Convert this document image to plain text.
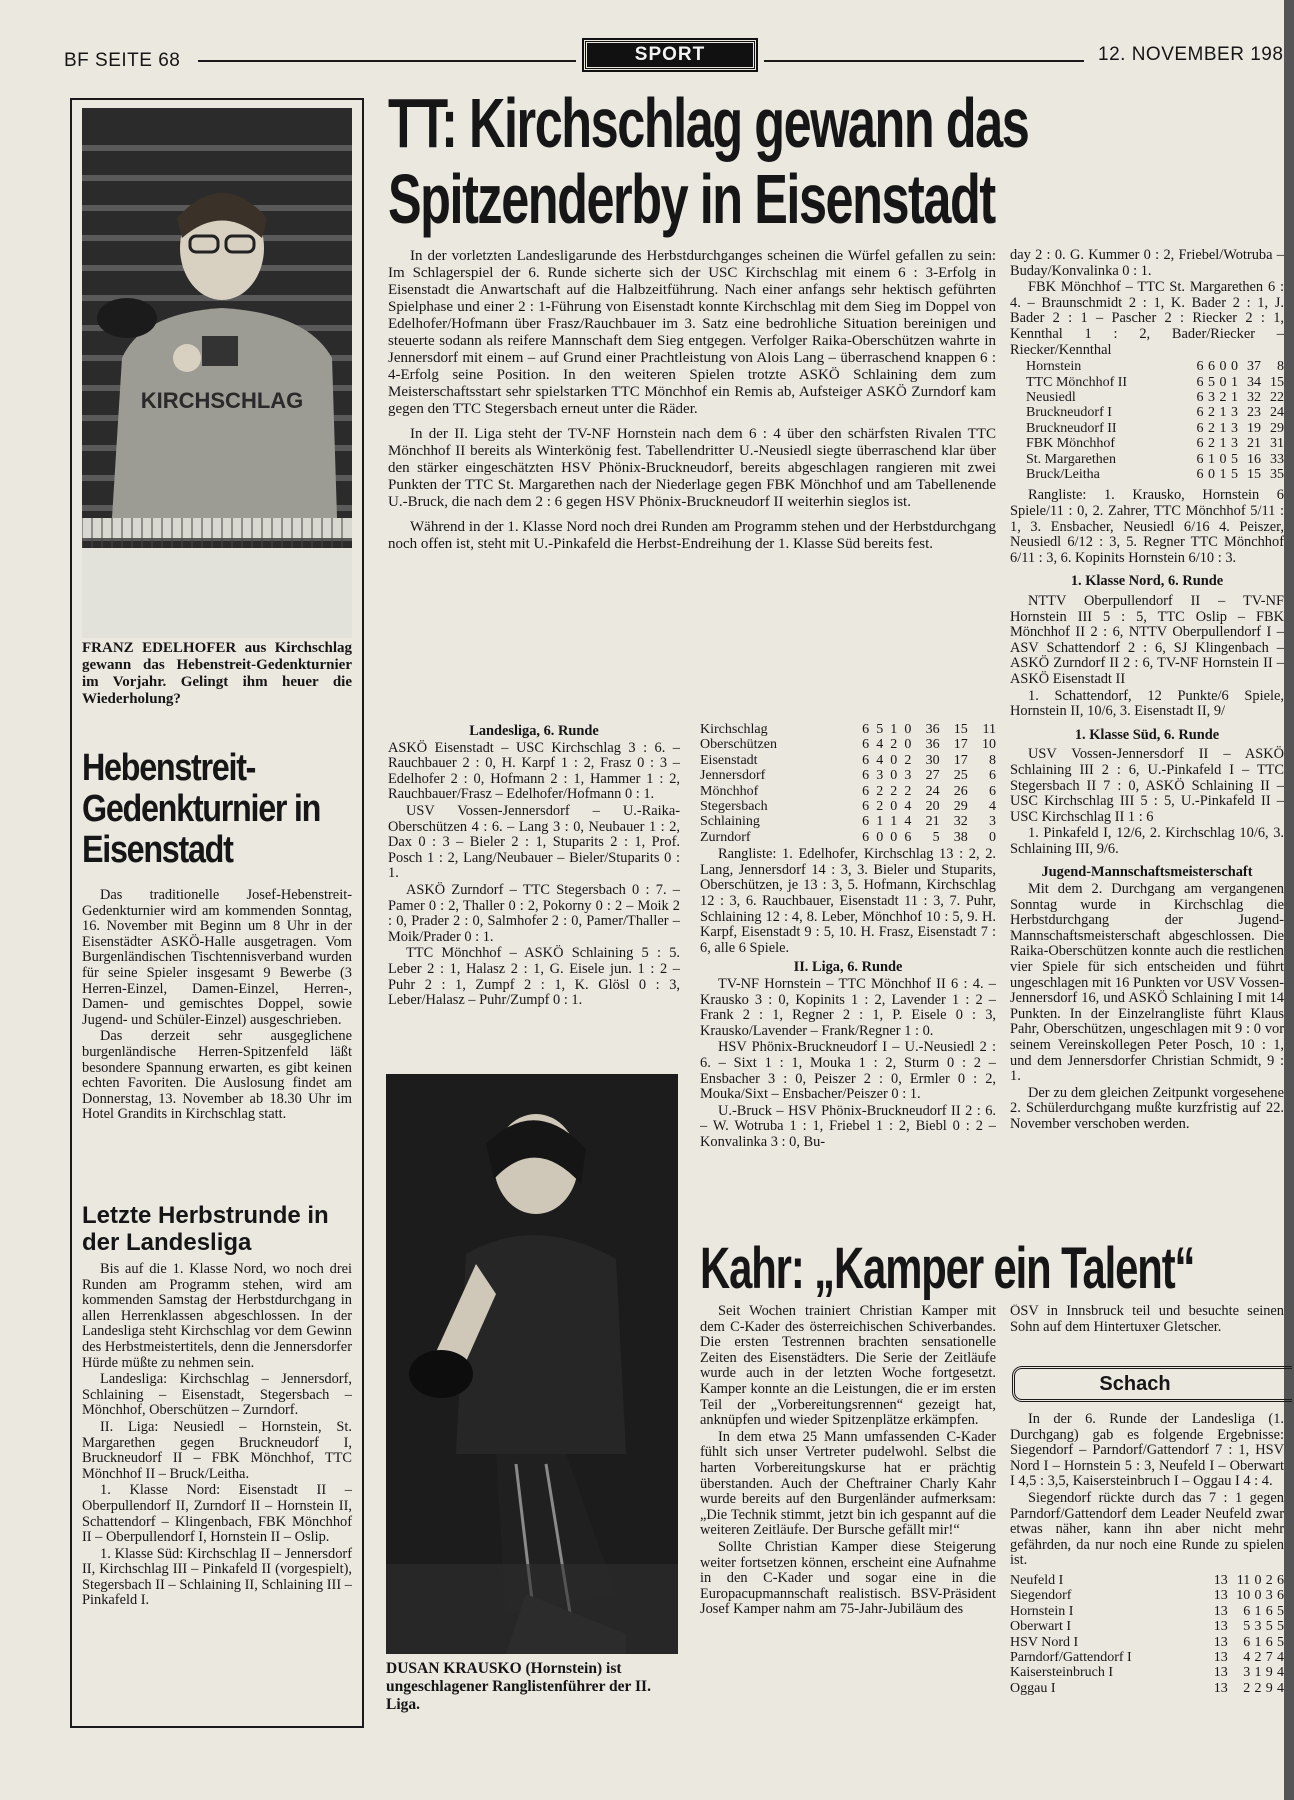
BF SEITE 68	SPORT	12. NOVEMBER 198
KIRCHSCHLAG
FRANZ EDELHOFER aus Kirchschlag gewann das Hebenstreit-Gedenkturnier im Vorjahr. Gelingt ihm heuer die Wiederholung?
Hebenstreit-Gedenkturnier in Eisenstadt

Das traditionelle Josef-Hebenstreit-Gedenkturnier wird am kommenden Sonntag, 16. November mit Beginn um 8 Uhr in der Eisenstädter ASKÖ-Halle ausgetragen. Vom Burgenländischen Tischtennisverband wurden für seine Spieler insgesamt 9 Bewerbe (3 Herren-Einzel, Damen-Einzel, Herren-, Damen- und gemischtes Doppel, sowie Jugend- und Schüler-Einzel) ausgeschrieben.

Das derzeit sehr ausgeglichene burgenländische Herren-Spitzenfeld läßt besondere Spannung erwarten, es gibt keinen echten Favoriten. Die Auslosung findet am Donnerstag, 13. November ab 18.30 Uhr im Hotel Grandits in Kirchschlag statt.

Letzte Herbstrunde in der Landesliga

Bis auf die 1. Klasse Nord, wo noch drei Runden am Programm stehen, wird am kommenden Samstag der Herbstdurchgang in allen Herrenklassen abgeschlossen. In der Landesliga steht Kirchschlag vor dem Gewinn des Herbstmeistertitels, denn die Jennersdorfer Hürde müßte zu nehmen sein.

Landesliga: Kirchschlag – Jennersdorf, Schlaining – Eisenstadt, Stegersbach – Mönchhof, Oberschützen – Zurndorf.

II. Liga: Neusiedl – Hornstein, St. Margarethen gegen Bruckneudorf I, Bruckneudorf II – FBK Mönchhof, TTC Mönchhof II – Bruck/Leitha.

1. Klasse Nord: Eisenstadt II – Oberpullendorf II, Zurndorf II – Hornstein II, Schattendorf – Klingenbach, FBK Mönchhof II – Oberpullendorf I, Hornstein II – Oslip.

1. Klasse Süd: Kirchschlag II – Jennersdorf II, Kirchschlag III – Pinkafeld II (vorgespielt), Stegersbach II – Schlaining II, Schlaining III – Pinkafeld I.

TT: Kirchschlag gewann das
Spitzenderby in Eisenstadt

In der vorletzten Landesligarunde des Herbstdurchganges scheinen die Würfel gefallen zu sein: Im Schlagerspiel der 6. Runde sicherte sich der USC Kirchschlag mit einem 6 : 3-Erfolg in Eisenstadt die Anwartschaft auf die Halbzeitführung. Nach einer anfangs sehr hektisch geführten Spielphase und einer 2 : 1-Führung von Eisenstadt konnte Kirchschlag mit dem Sieg im Doppel von Edelhofer/Hofmann über Frasz/Rauchbauer im 3. Satz eine bedrohliche Situation bereinigen und steuerte sodann als reifere Mannschaft dem Sieg entgegen. Verfolger Raika-Oberschützen wahrte in Jennersdorf mit einem – auf Grund einer Prachtleistung von Alois Lang – überraschend knappen 6 : 4-Erfolg seine Position. In den weiteren Spielen trotzte ASKÖ Schlaining dem zum Meisterschaftsstart sehr spielstarken TTC Mönchhof ein Remis ab, Aufsteiger ASKÖ Zurndorf kam gegen den TTC Stegersbach erneut unter die Räder.

In der II. Liga steht der TV-NF Hornstein nach dem 6 : 4 über den schärfsten Rivalen TTC Mönchhof II bereits als Winterkönig fest. Tabellendritter U.-Neusiedl siegte überraschend klar über den stärker eingeschätzten HSV Phönix-Bruckneudorf, bereits abgeschlagen rangieren mit zwei Punkten der TTC St. Margarethen nach der Niederlage gegen FBK Mönchhof und am Tabellenende U.-Bruck, die nach dem 2 : 6 gegen HSV Phönix-Bruckneudorf II weiterhin sieglos ist.

Während in der 1. Klasse Nord noch drei Runden am Programm stehen und der Herbstdurchgang noch offen ist, steht mit U.-Pinkafeld die Herbst-Endreihung der 1. Klasse Süd bereits fest.

Landesliga, 6. Runde

ASKÖ Eisenstadt – USC Kirchschlag 3 : 6. – Rauchbauer 2 : 0, H. Karpf 1 : 2, Frasz 0 : 3 – Edelhofer 2 : 0, Hofmann 2 : 1, Hammer 1 : 2, Rauchbauer/Frasz – Edelhofer/Hofmann 0 : 1.

USV Vossen-Jennersdorf – U.-Raika-Oberschützen 4 : 6. – Lang 3 : 0, Neubauer 1 : 2, Dax 0 : 3 – Bieler 2 : 1, Stuparits 2 : 1, Prof. Posch 1 : 2, Lang/Neubauer – Bieler/Stuparits 0 : 1.

ASKÖ Zurndorf – TTC Stegersbach 0 : 7. – Pamer 0 : 2, Thaller 0 : 2, Pokorny 0 : 2 – Moik 2 : 0, Prader 2 : 0, Salmhofer 2 : 0, Pamer/Thaller – Moik/Prader 0 : 1.

TTC Mönchhof – ASKÖ Schlaining 5 : 5. Leber 2 : 1, Halasz 2 : 1, G. Eisele jun. 1 : 2 – Puhr 2 : 1, Zumpf 2 : 1, K. Glösl 0 : 3, Leber/Halasz – Puhr/Zumpf 0 : 1.

Kirchschlag	6	5	1	0	36	15	11
Oberschützen	6	4	2	0	36	17	10
Eisenstadt	6	4	0	2	30	17	8
Jennersdorf	6	3	0	3	27	25	6
Mönchhof	6	2	2	2	24	26	6
Stegersbach	6	2	0	4	20	29	4
Schlaining	6	1	1	4	21	32	3
Zurndorf	6	0	0	6	5	38	0

Rangliste: 1. Edelhofer, Kirchschlag 13 : 2, 2. Lang, Jennersdorf 14 : 3, 3. Bieler und Stuparits, Oberschützen, je 13 : 3, 5. Hofmann, Kirchschlag 12 : 3, 6. Rauchbauer, Eisenstadt 11 : 3, 7. Puhr, Schlaining 12 : 4, 8. Leber, Mönchhof 10 : 5, 9. H. Karpf, Eisenstadt 9 : 5, 10. H. Frasz, Eisenstadt 7 : 6, alle 6 Spiele.

II. Liga, 6. Runde

TV-NF Hornstein – TTC Mönchhof II 6 : 4. – Krausko 3 : 0, Kopinits 1 : 2, Lavender 1 : 2 – Frank 2 : 1, Regner 2 : 1, P. Eisele 0 : 3, Krausko/Lavender – Frank/Regner 1 : 0.

HSV Phönix-Bruckneudorf I – U.-Neusiedl 2 : 6. – Sixt 1 : 1, Mouka 1 : 2, Sturm 0 : 2 – Ensbacher 3 : 0, Peiszer 2 : 0, Ermler 0 : 2, Mouka/Sixt – Ensbacher/Peiszer 0 : 1.

U.-Bruck – HSV Phönix-Bruckneudorf II 2 : 6. – W. Wotruba 1 : 1, Friebel 1 : 2, Biebl 0 : 2 – Konvalinka 3 : 0, Bu-

day 2 : 0. G. Kummer 0 : 2, Friebel/Wotruba – Buday/Konvalinka 0 : 1.

FBK Mönchhof – TTC St. Margarethen 6 : 4. – Braunschmidt 2 : 1, K. Bader 2 : 1, J. Bader 2 : 1 – Pascher 2 : Riecker 2 : 1, Kennthal 1 : 2, Bader/Riecker – Riecker/Kennthal

Hornstein	6	6	0	0	37	8
TTC Mönchhof II	6	5	0	1	34	15
Neusiedl	6	3	2	1	32	22
Bruckneudorf I	6	2	1	3	23	24
Bruckneudorf II	6	2	1	3	19	29
FBK Mönchhof	6	2	1	3	21	31
St. Margarethen	6	1	0	5	16	33
Bruck/Leitha	6	0	1	5	15	35

Rangliste: 1. Krausko, Hornstein 6 Spiele/11 : 0, 2. Zahrer, TTC Mönchhof 5/11 : 1, 3. Ensbacher, Neusiedl 6/16 4. Peiszer, Neusiedl 6/12 : 3, 5. Regner TTC Mönchhof 6/11 : 3, 6. Kopinits Hornstein 6/10 : 3.

1. Klasse Nord, 6. Runde

NTTV Oberpullendorf II – TV-NF Hornstein III 5 : 5, TTC Oslip – FBK Mönchhof II 2 : 6, NTTV Oberpullendorf I – ASV Schattendorf 2 : 6, SJ Klingenbach – ASKÖ Zurndorf II 2 : 6, TV-NF Hornstein II – ASKÖ Eisenstadt II

1. Schattendorf, 12 Punkte/6 Spiele, Hornstein II, 10/6, 3. Eisenstadt II, 9/

1. Klasse Süd, 6. Runde

USV Vossen-Jennersdorf II – ASKÖ Schlaining III 2 : 6, U.-Pinkafeld I – TTC Stegersbach II 7 : 0, ASKÖ Schlaining II – USC Kirchschlag III 5 : 5, U.-Pinkafeld II – USC Kirchschlag II 1 : 6

1. Pinkafeld I, 12/6, 2. Kirchschlag 10/6, 3. Schlaining III, 9/6.

Jugend-Mannschaftsmeisterschaft

Mit dem 2. Durchgang am vergangenen Sonntag wurde in Kirchschlag die Herbstdurchgang der Jugend-Mannschaftsmeisterschaft abgeschlossen. Die Raika-Oberschützen konnte auch die restlichen vier Spiele für sich entscheiden und führt ungeschlagen mit 16 Punkten vor USV Vossen-Jennersdorf 16, und ASKÖ Schlaining I mit 14 Punkten. In der Einzelrangliste führt Klaus Pahr, Oberschützen, ungeschlagen mit 9 : 0 vor seinem Vereinskollegen Peter Posch, 10 : 1, und dem Jennersdorfer Christian Schmidt, 9 : 1.

Der zu dem gleichen Zeitpunkt vorgesehene 2. Schülerdurchgang mußte kurzfristig auf 22. November verschoben werden.

DUSAN KRAUSKO (Hornstein) ist ungeschlagener Ranglistenführer der II. Liga.
Kahr: „Kamper ein Talent“

Seit Wochen trainiert Christian Kamper mit dem C-Kader des österreichischen Schiverbandes. Die ersten Testrennen brachten sensationelle Zeiten des Eisenstädters. Die Serie der Zeitläufe wurde auch in der letzten Woche fortgesetzt. Kamper konnte an die Leistungen, die er im ersten Teil der „Vorbereitungsrennen“ gezeigt hat, anknüpfen und wieder Spitzenplätze erkämpfen.

In dem etwa 25 Mann umfassenden C-Kader fühlt sich unser Vertreter pudelwohl. Selbst die harten Vorbereitungskurse hat er prächtig überstanden. Auch der Cheftrainer Charly Kahr wurde bereits auf den Burgenländer aufmerksam: „Die Technik stimmt, jetzt bin ich gespannt auf die weiteren Zeitläufe. Der Bursche gefällt mir!“

Sollte Christian Kamper diese Steigerung weiter fortsetzen können, erscheint eine Aufnahme in den C-Kader und sogar eine in die Europacupmannschaft realistisch. BSV-Präsident Josef Kamper nahm am 75-Jahr-Jubiläum des

ÖSV in Innsbruck teil und besuchte seinen Sohn auf dem Hintertuxer Gletscher.

Schach

In der 6. Runde der Landesliga (1. Durchgang) gab es folgende Ergebnisse: Siegendorf – Parndorf/Gattendorf 7 : 1, HSV Nord I – Hornstein 5 : 3, Neufeld I – Oberwart I 4,5 : 3,5, Kaisersteinbruch I – Oggau I 4 : 4.

Siegendorf rückte durch das 7 : 1 gegen Parndorf/Gattendorf dem Leader Neufeld zwar etwas näher, kann ihn aber nicht mehr gefährden, da nur noch eine Runde zu spielen ist.

Neufeld I	13	11	0	2	6
Siegendorf	13	10	0	3	6
Hornstein I	13	6	1	6	5
Oberwart I	13	5	3	5	5
HSV Nord I	13	6	1	6	5
Parndorf/Gattendorf I	13	4	2	7	4
Kaisersteinbruch I	13	3	1	9	4
Oggau I	13	2	2	9	4
